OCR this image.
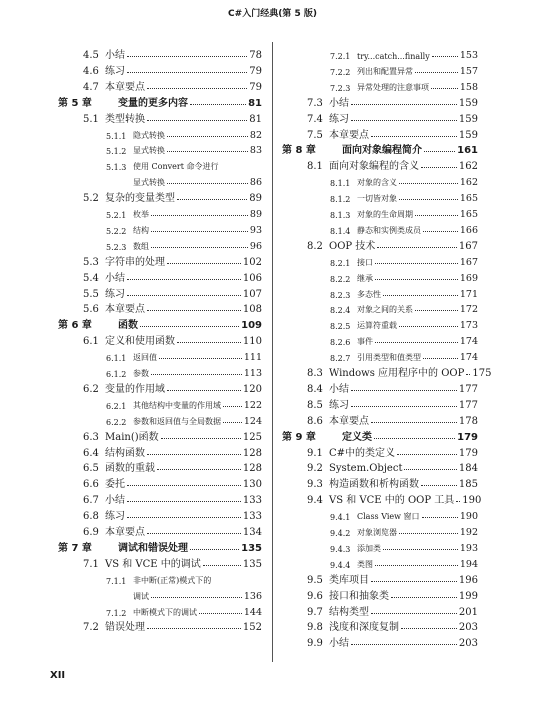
C#入门经典(第 5 版)
4.5 小结	78
4.6 练习	79
4.7 本章要点	79
第 5 章	变量的更多内容	81
5.1 类型转换	81
5.1.1 隐式转换	82
5.1.2 显式转换	83
5.1.3 使用 Convert 命令进行
显式转换	86
5.2 复杂的变量类型	89
5.2.1 枚举	89
5.2.2 结构	93
5.2.3 数组	96
5.3 字符串的处理	102
5.4 小结	106
5.5 练习	107
5.6 本章要点	108
第 6 章	函数	109
6.1 定义和使用函数	110
6.1.1 返回值	111
6.1.2 参数	113
6.2 变量的作用域	120
6.2.1 其他结构中变量的作用域 122
6.2.2 参数和返回值与全局数据 124
6.3 Main()函数	125
6.4 结构函数	128
6.5 函数的重载	128
6.6 委托	130
6.7 小结	133
6.8 练习	133
6.9 本章要点	134
第 7 章	调试和错误处理	135
7.1 VS 和 VCE 中的调试	135
7.1.1 非中断(正常)模式下的
调试	136
7.1.2 中断模式下的调试	144
7.2 错误处理	152
7.2.1 try...catch...finally	153
7.2.2 列出和配置异常	157
7.2.3 异常处理的注意事项	158
7.3 小结	159
7.4 练习	159
7.5 本章要点	159
第 8 章	面向对象编程简介	161
8.1 面向对象编程的含义	162
8.1.1 对象的含义	162
8.1.2 一切皆对象	165
8.1.3 对象的生命周期	165
8.1.4 静态和实例类成员	166
8.2 OOP 技术	167
8.2.1 接口	167
8.2.2 继承	169
8.2.3 多态性	171
8.2.4 对象之间的关系	172
8.2.5 运算符重载	173
8.2.6 事件	174
8.2.7 引用类型和值类型	174
8.3 Windows 应用程序中的 OOP 175
8.4 小结	177
8.5 练习	177
8.6 本章要点	178
第 9 章	定义类	179
9.1 C#中的类定义	179
9.2 System.Object	184
9.3 构造函数和析构函数	185
9.4 VS 和 VCE 中的 OOP 工具 190
9.4.1 Class View 窗口	190
9.4.2 对象浏览器	192
9.4.3 添加类	193
9.4.4 类图	194
9.5 类库项目	196
9.6 接口和抽象类	199
9.7 结构类型	201
9.8 浅度和深度复制	203
9.9 小结	203
XII
